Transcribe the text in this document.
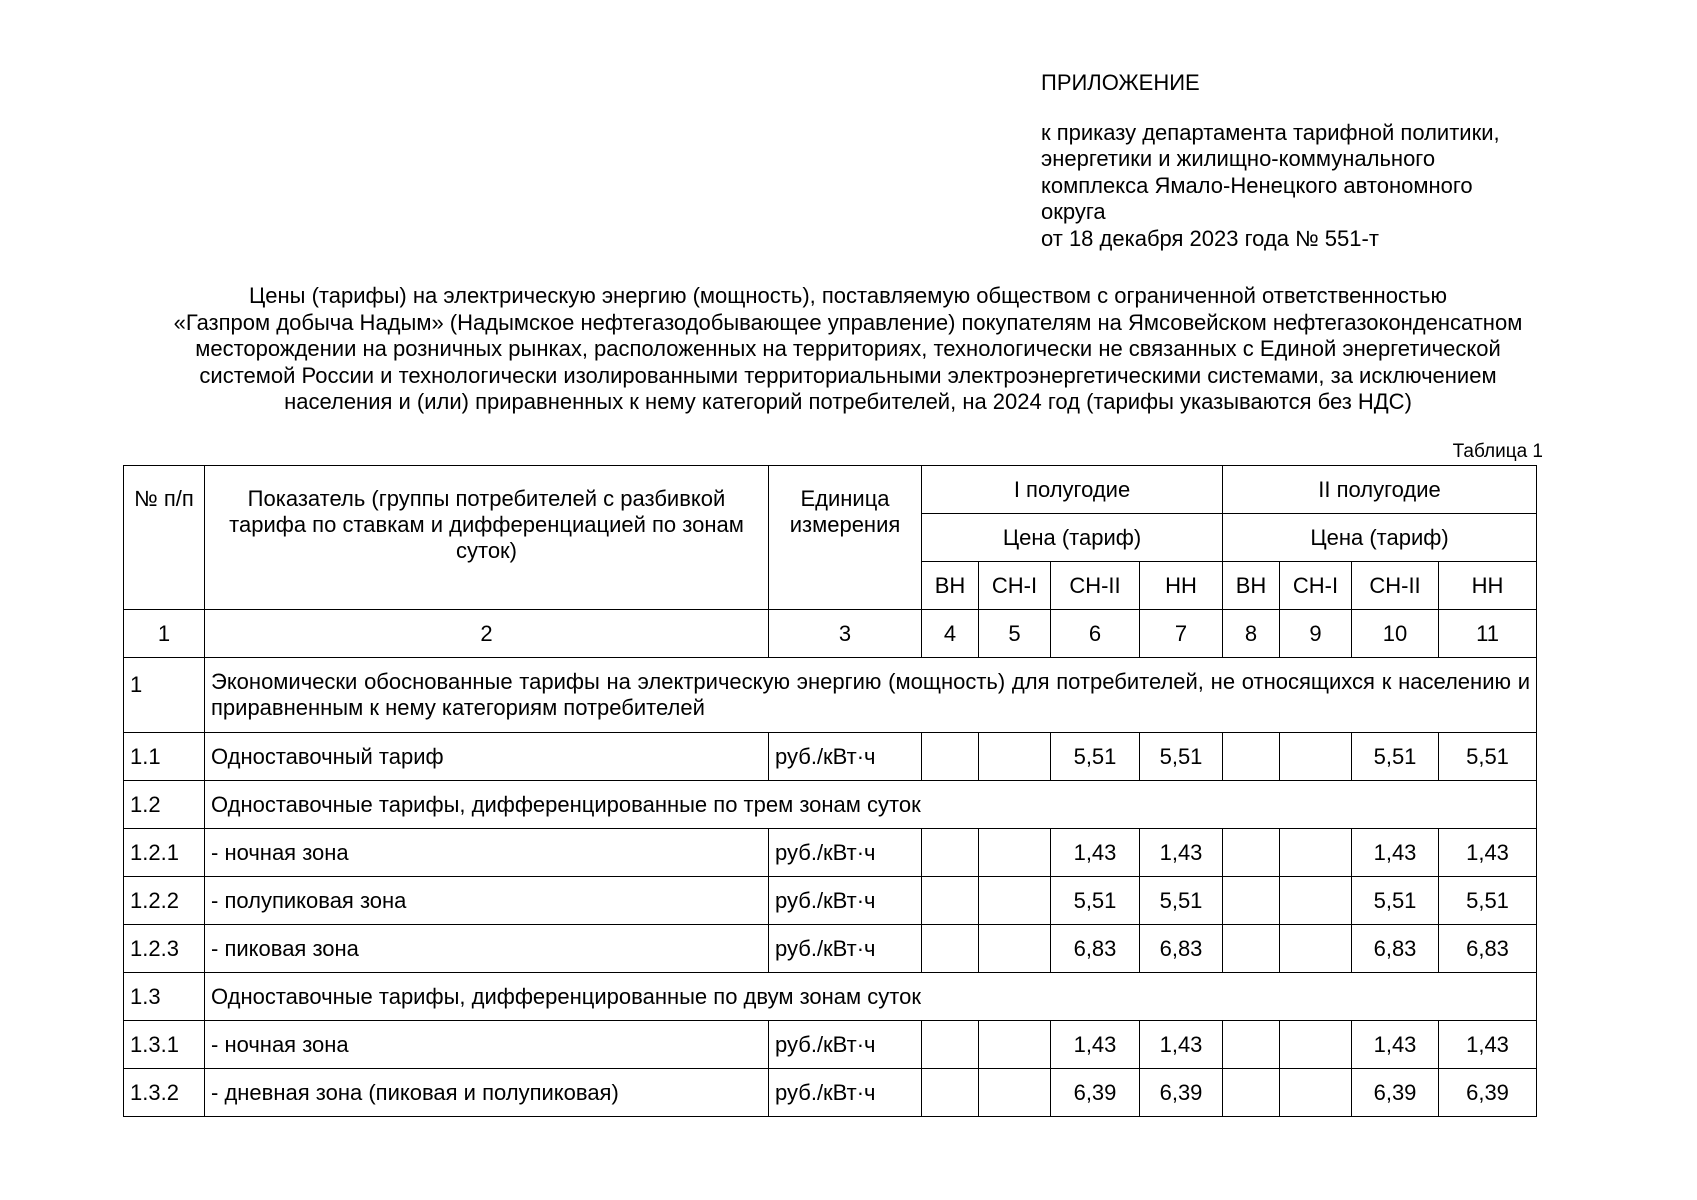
ПРИЛОЖЕНИЕ
к приказу департамента тарифной политики,
энергетики и жилищно-коммунального
комплекса Ямало-Ненецкого автономного
округа
от 18 декабря 2023 года № 551-т
Цены (тарифы) на электрическую энергию (мощность), поставляемую обществом с ограниченной ответственностью
«Газпром добыча Надым» (Надымское нефтегазодобывающее управление) покупателям на Ямсовейском нефтегазоконденсатном
месторождении на розничных рынках, расположенных на территориях, технологически не связанных с Единой энергетической
системой России и технологически изолированными территориальными электроэнергетическими системами, за исключением
населения и (или) приравненных к нему категорий потребителей, на 2024 год (тарифы указываются без НДС)
Таблица 1
№ п/п	Показатель (группы потребителей с разбивкой тарифа по ставкам и дифференциацией по зонам суток)	Единица измерения	I полугодие				II полугодие			
			Цена (тариф)				Цена (тариф)			
			ВН	СН-I	СН-II	НН	ВН	СН-I	СН-II	НН
1	2	3	4	5	6	7	8	9	10	11
1	Экономически обоснованные тарифы на электрическую энергию (мощность) для потребителей, не относящихся к населению и приравненным к нему категориям потребителей									
1.1	Одноставочный тариф	руб./кВт·ч			5,51	5,51			5,51	5,51
1.2	Одноставочные тарифы, дифференцированные по трем зонам суток									
1.2.1	- ночная зона	руб./кВт·ч			1,43	1,43			1,43	1,43
1.2.2	- полупиковая зона	руб./кВт·ч			5,51	5,51			5,51	5,51
1.2.3	- пиковая зона	руб./кВт·ч			6,83	6,83			6,83	6,83
1.3	Одноставочные тарифы, дифференцированные по двум зонам суток									
1.3.1	- ночная зона	руб./кВт·ч			1,43	1,43			1,43	1,43
1.3.2	- дневная зона (пиковая и полупиковая)	руб./кВт·ч			6,39	6,39			6,39	6,39
